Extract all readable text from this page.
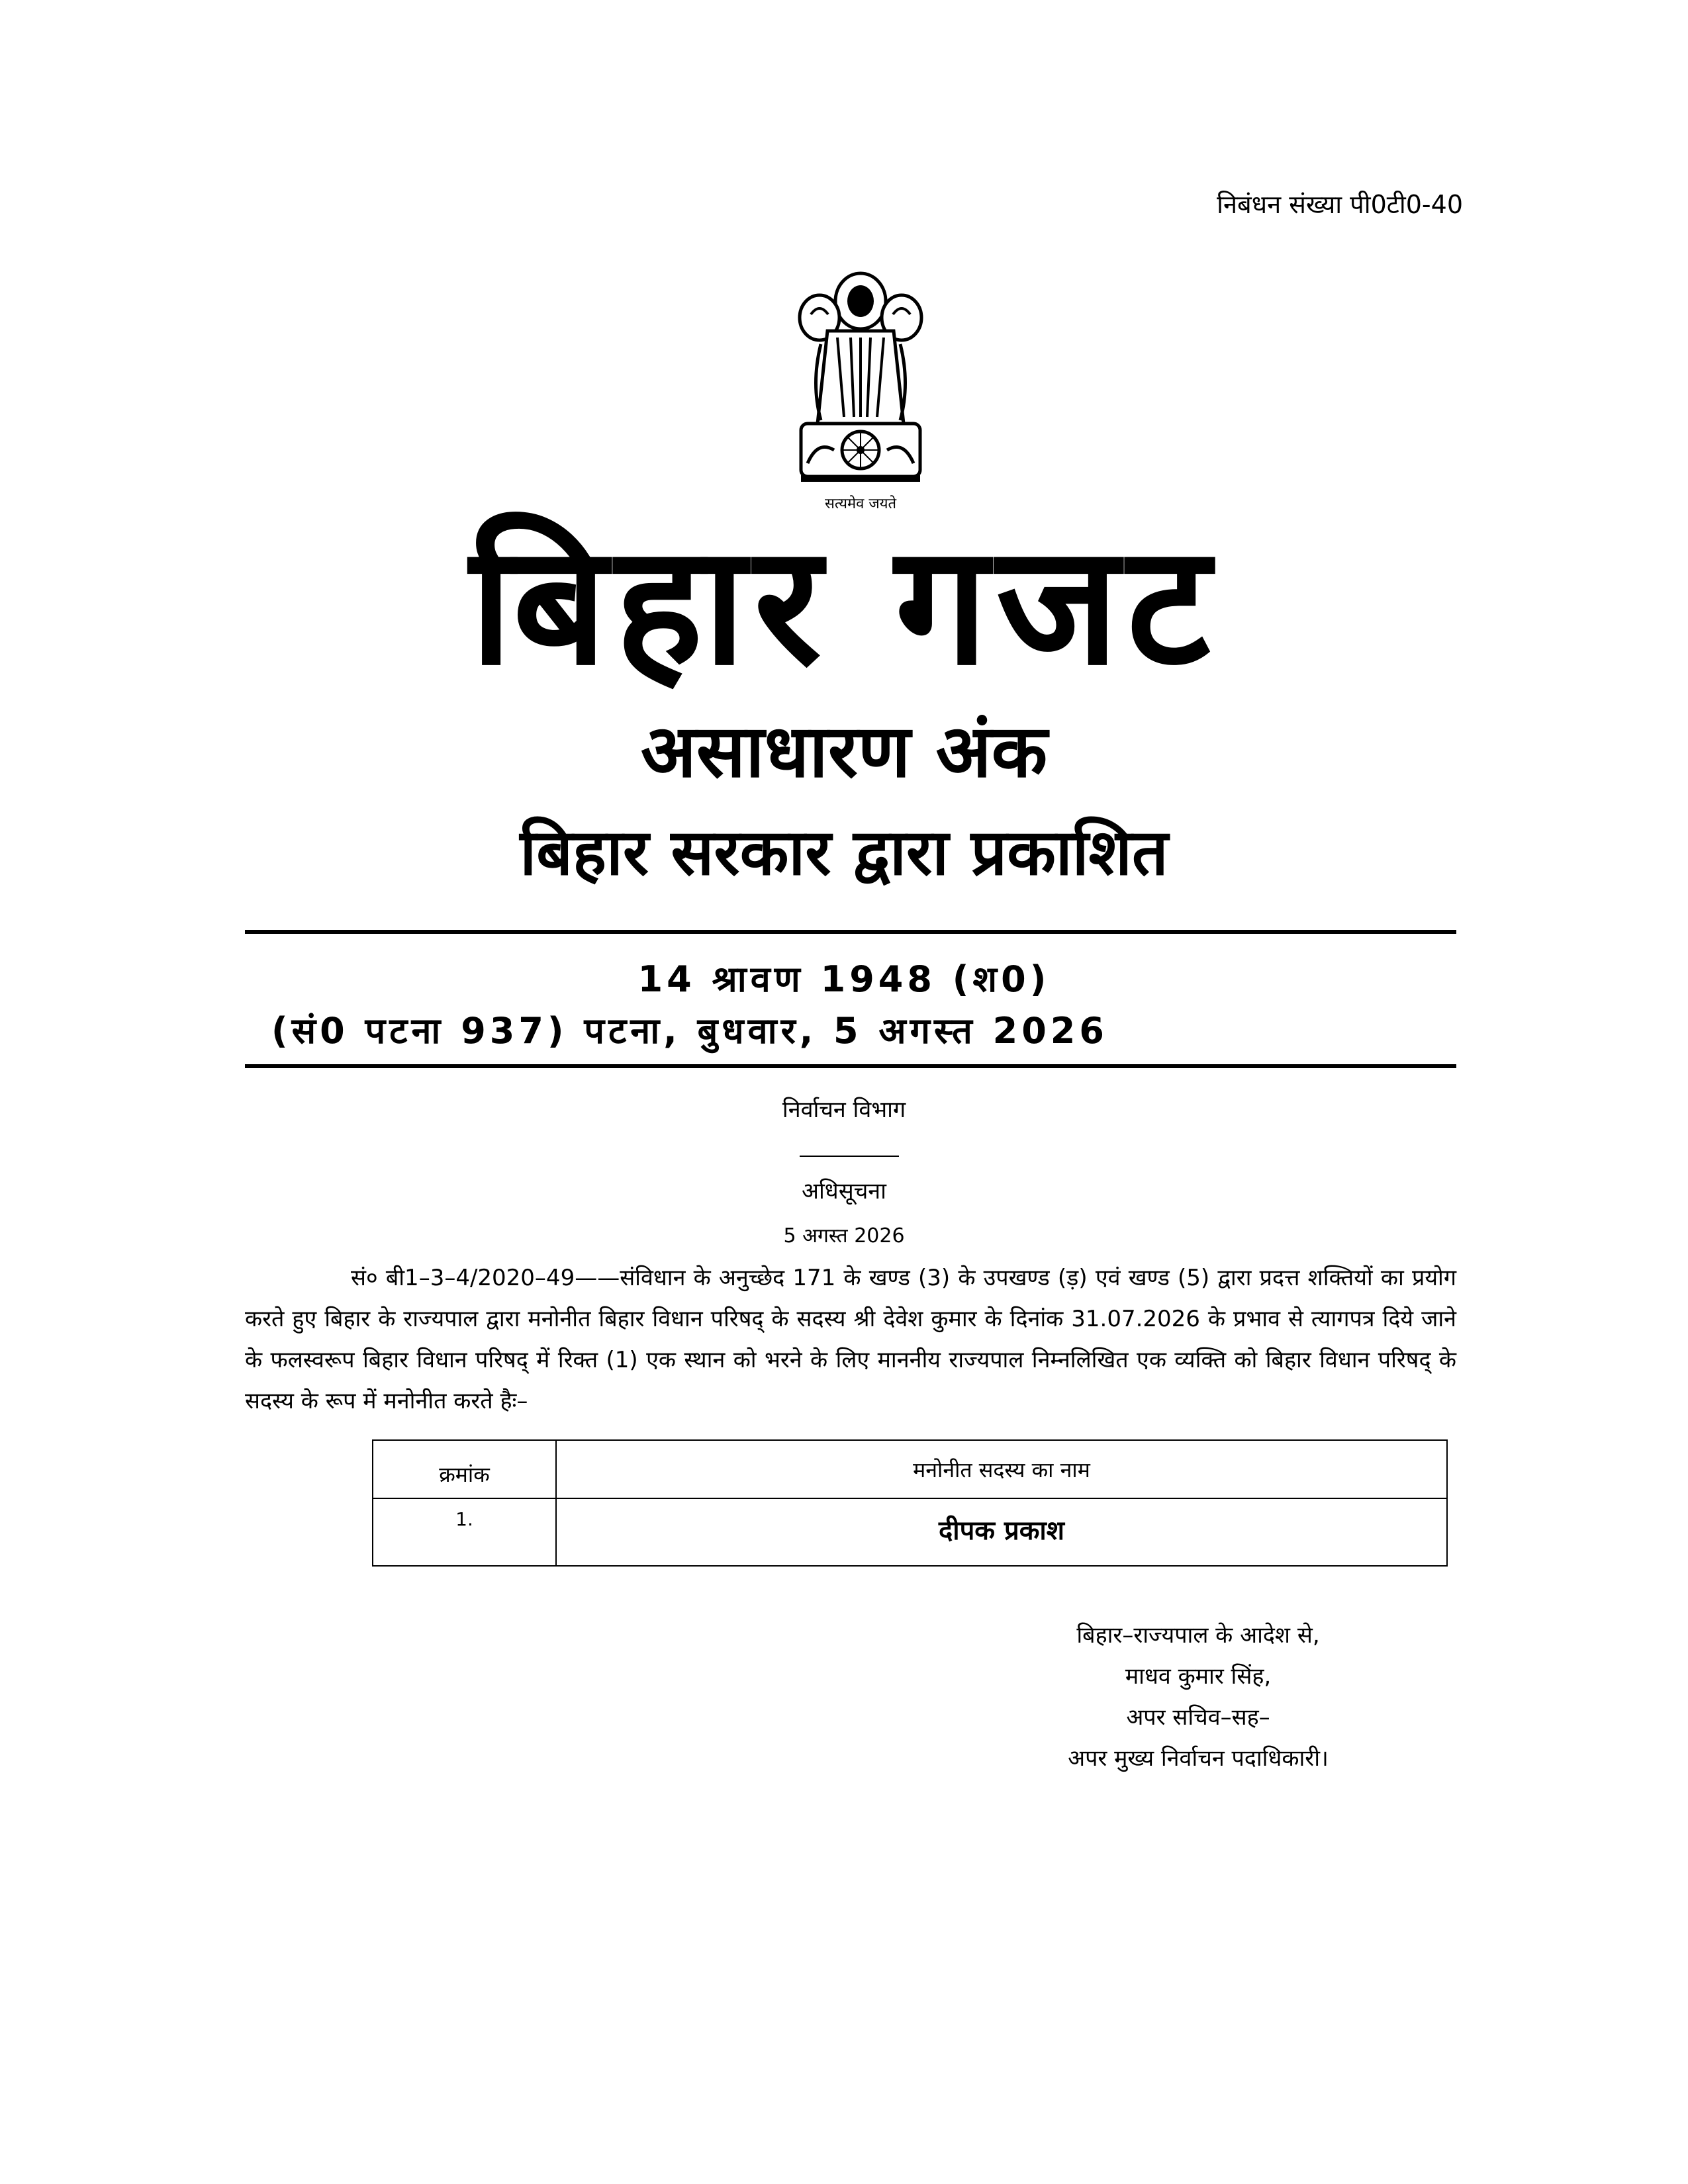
निबंधन संख्या पी0टी0-40
सत्यमेव जयते
बिहार गजट
असाधारण अंक
बिहार सरकार द्वारा प्रकाशित
14 श्रावण 1948 (श0)
(सं0 पटना 937) पटना, बुधवार, 5 अगस्त 2026
निर्वाचन विभाग
अधिसूचना
5 अगस्त 2026
सं० बी1–3–4/2020–49——संविधान के अनुच्छेद 171 के खण्ड (3) के उपखण्ड (ड़) एवं खण्ड (5) द्वारा प्रदत्त शक्तियों का प्रयोग करते हुए बिहार के राज्यपाल द्वारा मनोनीत बिहार विधान परिषद् के सदस्य श्री देवेश कुमार के दिनांक 31.07.2026 के प्रभाव से त्यागपत्र दिये जाने के फलस्वरूप बिहार विधान परिषद् में रिक्त (1) एक स्थान को भरने के लिए माननीय राज्यपाल निम्नलिखित एक व्यक्ति को बिहार विधान परिषद् के सदस्य के रूप में मनोनीत करते हैः–
क्रमांक	मनोनीत सदस्य का नाम
1.	दीपक प्रकाश
बिहार–राज्यपाल के आदेश से,
माधव कुमार सिंह,
अपर सचिव–सह–
अपर मुख्य निर्वाचन पदाधिकारी।
